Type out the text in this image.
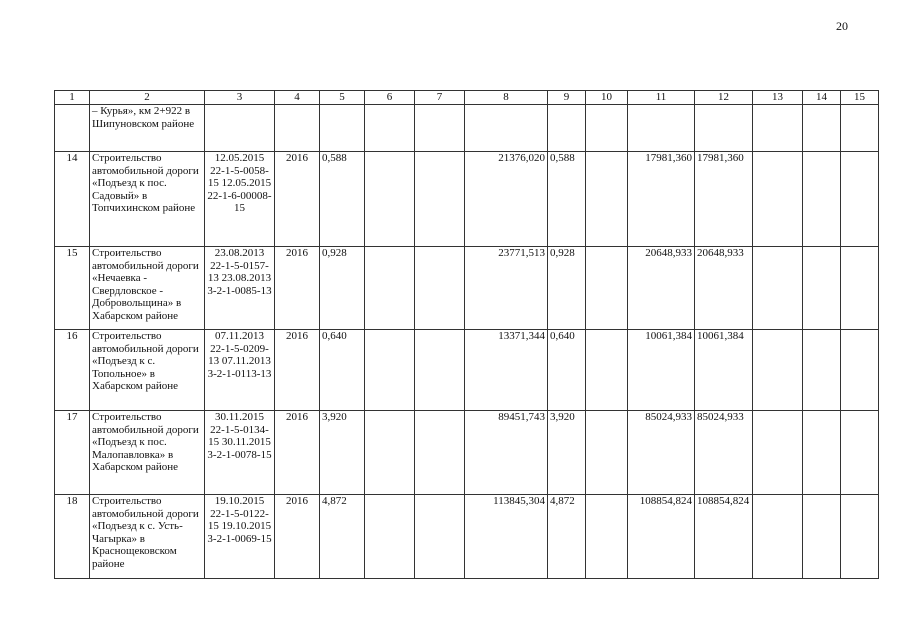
20
1	2	3	4	5	6	7	8	9	10	11	12	13	14	15
	– Курья», км 2+922 в Шипуновском районе													
14	Строительство автомобильной дороги «Подъезд к пос. Садовый» в Топчихинском районе	12.05.2015 22-1-5-0058-15 12.05.2015 22-1-6-00008-15	2016	0,588			21376,020	0,588		17981,360	17981,360			
15	Строительство автомобильной дороги «Нечаевка - Свердловское - Добровольщина» в Хабарском районе	23.08.2013 22-1-5-0157-13 23.08.2013 3-2-1-0085-13	2016	0,928			23771,513	0,928		20648,933	20648,933			
16	Строительство автомобильной дороги «Подъезд к с. Топольное» в Хабарском районе	07.11.2013 22-1-5-0209-13 07.11.2013 3-2-1-0113-13	2016	0,640			13371,344	0,640		10061,384	10061,384			
17	Строительство автомобильной дороги «Подъезд к пос. Малопавловка» в Хабарском районе	30.11.2015 22-1-5-0134-15 30.11.2015 3-2-1-0078-15	2016	3,920			89451,743	3,920		85024,933	85024,933			
18	Строительство автомобильной дороги «Подъезд к с. Усть-Чагырка» в Краснощековском районе	19.10.2015 22-1-5-0122-15 19.10.2015 3-2-1-0069-15	2016	4,872			113845,304	4,872		108854,824	108854,824			
